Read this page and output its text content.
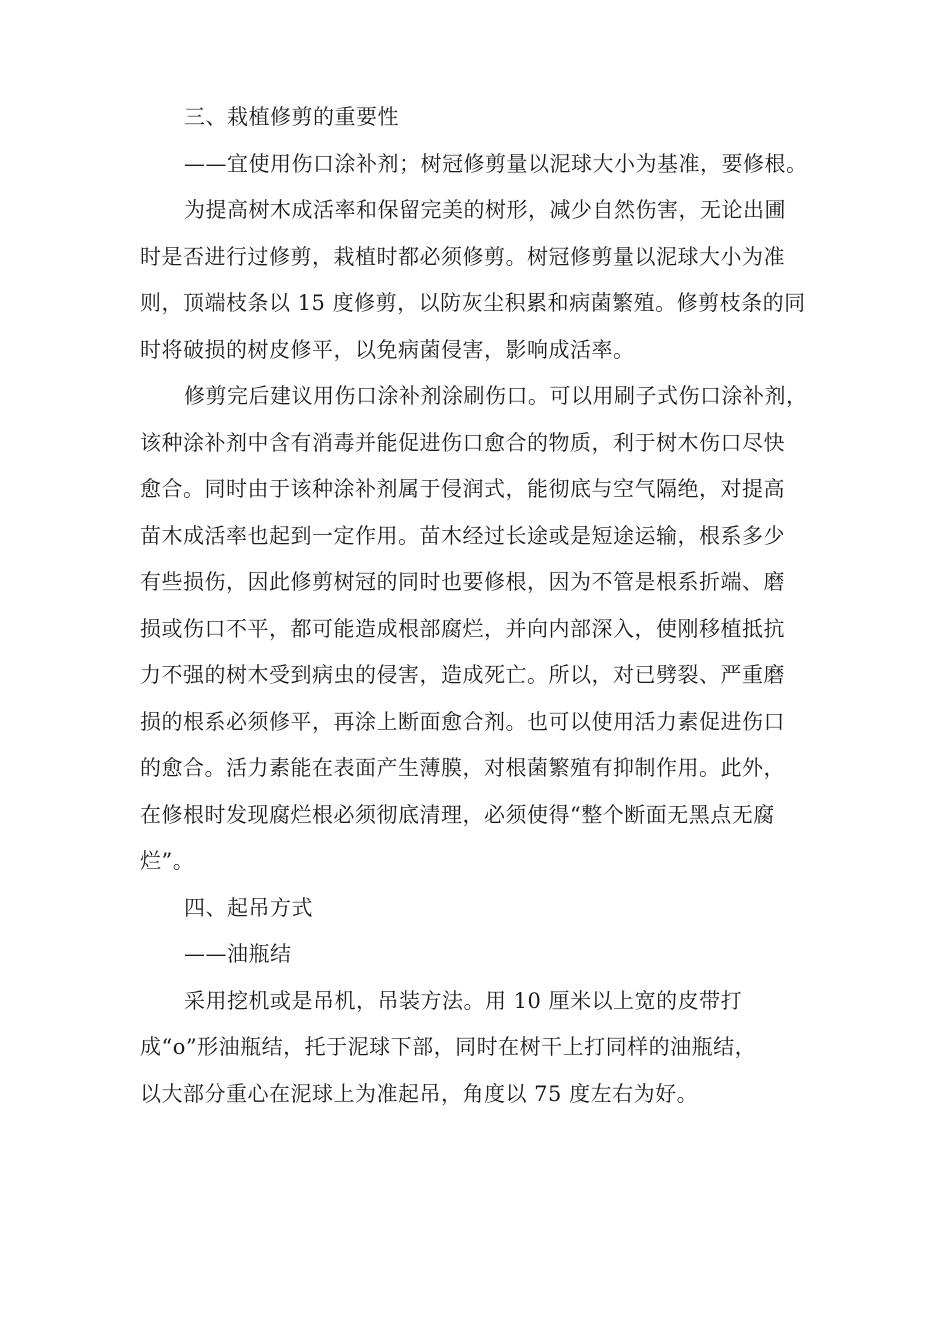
三、栽植修剪的重要性
——宜使用伤口涂补剂；树冠修剪量以泥球大小为基准，要修根。
为提高树木成活率和保留完美的树形，减少自然伤害，无论出圃
时是否进行过修剪，栽植时都必须修剪。树冠修剪量以泥球大小为准
则，顶端枝条以 15 度修剪，以防灰尘积累和病菌繁殖。修剪枝条的同
时将破损的树皮修平，以免病菌侵害，影响成活率。
修剪完后建议用伤口涂补剂涂刷伤口。可以用刷子式伤口涂补剂，
该种涂补剂中含有消毒并能促进伤口愈合的物质，利于树木伤口尽快
愈合。同时由于该种涂补剂属于侵润式，能彻底与空气隔绝，对提高
苗木成活率也起到一定作用。苗木经过长途或是短途运输，根系多少
有些损伤，因此修剪树冠的同时也要修根，因为不管是根系折端、磨
损或伤口不平，都可能造成根部腐烂，并向内部深入，使刚移植抵抗
力不强的树木受到病虫的侵害，造成死亡。所以，对已劈裂、严重磨
损的根系必须修平，再涂上断面愈合剂。也可以使用活力素促进伤口
的愈合。活力素能在表面产生薄膜，对根菌繁殖有抑制作用。此外，
在修根时发现腐烂根必须彻底清理，必须使得“整个断面无黑点无腐
烂”。
四、起吊方式
——油瓶结
采用挖机或是吊机，吊装方法。用 10 厘米以上宽的皮带打
成“o”形油瓶结，托于泥球下部，同时在树干上打同样的油瓶结，
以大部分重心在泥球上为准起吊，角度以 75 度左右为好。
